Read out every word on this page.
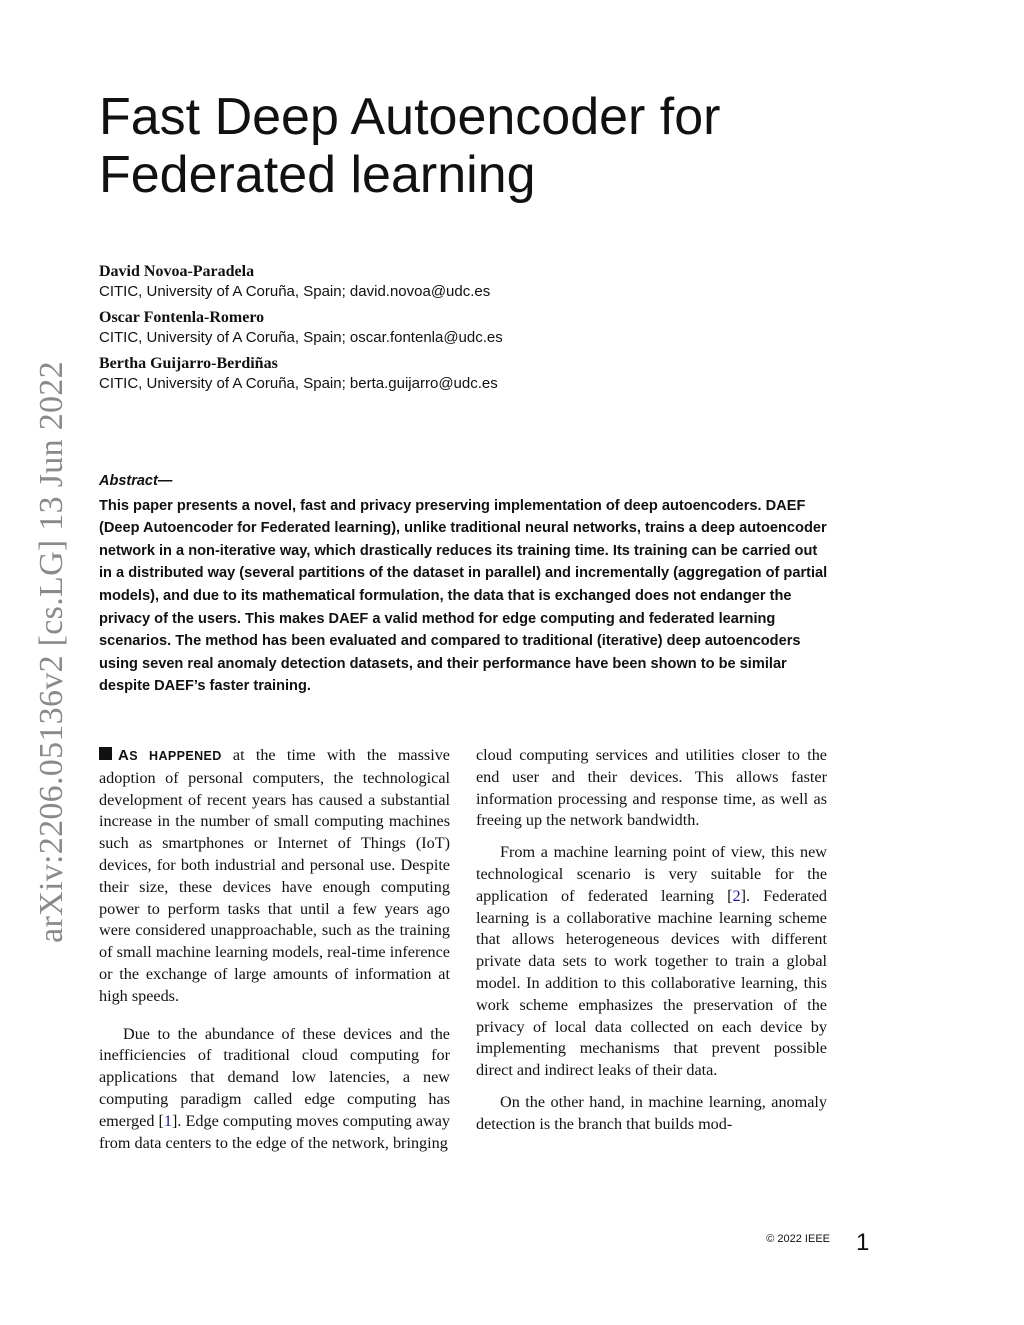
arXiv:2206.05136v2 [cs.LG] 13 Jun 2022
Fast Deep Autoencoder for Federated learning
David Novoa-Paradela
CITIC, University of A Coruña, Spain; david.novoa@udc.es
Oscar Fontenla-Romero
CITIC, University of A Coruña, Spain; oscar.fontenla@udc.es
Bertha Guijarro-Berdiñas
CITIC, University of A Coruña, Spain; berta.guijarro@udc.es
Abstract—
This paper presents a novel, fast and privacy preserving implementation of deep autoencoders. DAEF (Deep Autoencoder for Federated learning), unlike traditional neural networks, trains a deep autoencoder network in a non-iterative way, which drastically reduces its training time. Its training can be carried out in a distributed way (several partitions of the dataset in parallel) and incrementally (aggregation of partial models), and due to its mathematical formulation, the data that is exchanged does not endanger the privacy of the users. This makes DAEF a valid method for edge computing and federated learning scenarios. The method has been evaluated and compared to traditional (iterative) deep autoencoders using seven real anomaly detection datasets, and their performance have been shown to be similar despite DAEF’s faster training.

AS HAPPENED at the time with the massive adoption of personal computers, the technological development of recent years has caused a substantial increase in the number of small computing machines such as smartphones or Internet of Things (IoT) devices, for both industrial and personal use. Despite their size, these devices have enough computing power to perform tasks that until a few years ago were considered unapproachable, such as the training of small machine learning models, real-time inference or the exchange of large amounts of information at high speeds.

Due to the abundance of these devices and the inefficiencies of traditional cloud computing for applications that demand low latencies, a new computing paradigm called edge computing has emerged [1]. Edge computing moves computing away from data centers to the edge of the network, bringing

cloud computing services and utilities closer to the end user and their devices. This allows faster information processing and response time, as well as freeing up the network bandwidth.

From a machine learning point of view, this new technological scenario is very suitable for the application of federated learning [2]. Federated learning is a collaborative machine learning scheme that allows heterogeneous devices with different private data sets to work together to train a global model. In addition to this collaborative learning, this work scheme emphasizes the preservation of the privacy of local data collected on each device by implementing mechanisms that prevent possible direct and indirect leaks of their data.

On the other hand, in machine learning, anomaly detection is the branch that builds mod-

© 2022 IEEE 1
